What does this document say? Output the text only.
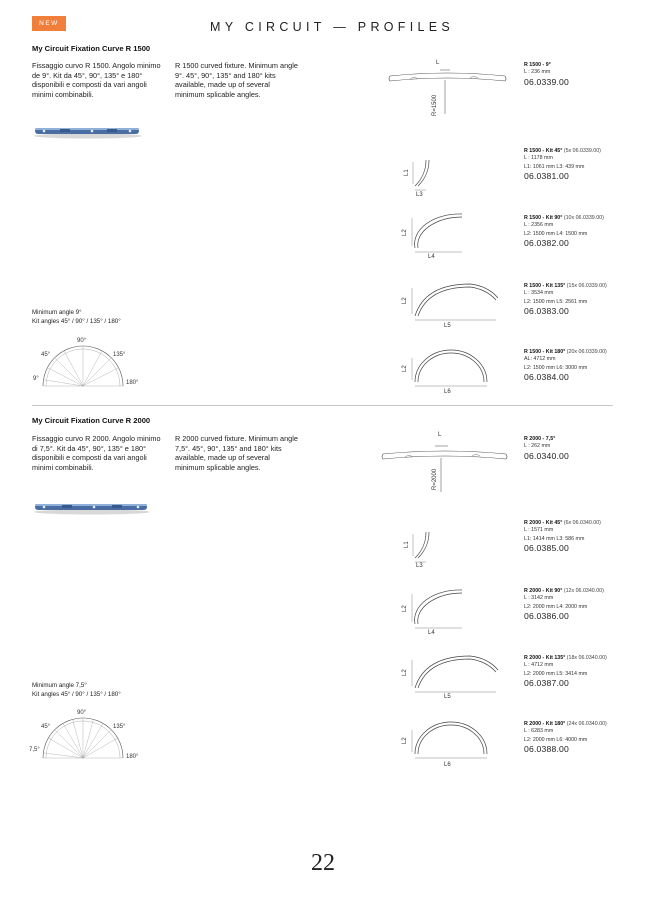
NEW	MY CIRCUIT — PROFILES
My Circuit Fixation Curve R 1500
Fissaggio curvo R 1500. Angolo minimo de 9°. Kit da 45°, 90°, 135° e 180° disponibili e composti da vari angoli minimi combinabili.
R 1500 curved fixture. Minimum angle 9°. 45°, 90°, 135° and 180° kits available, made up of several minimum splicable angles.
L
R=1500
L1
L3
L2
L4
L2
L5
L2
L6
R 1500 - 9°
L : 236 mm
06.0339.00
R 1500 - Kit 45° (5x 06.0339.00)
L : 1178 mm
L1: 1061 mm L3: 439 mm
06.0381.00
R 1500 - Kit 90° (10x 06.0339.00)
L : 2356 mm
L2: 1500 mm L4: 1500 mm
06.0382.00
R 1500 - Kit 135° (15x 06.0339.00)
L : 3534 mm
L2: 1500 mm L5: 2561 mm
06.0383.00
R 1500 - Kit 180° (20x 06.0339.00)
AL: 4712 mm
L2: 1500 mm L6: 3000 mm
06.0384.00
Minimum angle 9°
Kit angles 45° / 90° / 135° / 180°
90°
45°	135°
9°
180°
My Circuit Fixation Curve R 2000
Fissaggio curvo R 2000. Angolo minimo di 7,5°. Kit da 45°, 90°, 135° e 180° disponibili e composti da vari angoli minimi combinabili.
R 2000 curved fixture. Minimum angle 7,5°. 45°, 90°, 135° and 180° kits available, made up of several minimum splicable angles.
L
R=2000
L1
L3
L2
L4
L2
L5
L2
L6
R 2000 - 7,5°
L : 262 mm
06.0340.00
R 2000 - Kit 45° (6x 06.0340.00)
L : 1571 mm
L1: 1414 mm L3: 586 mm
06.0385.00
R 2000 - Kit 90° (12x 06.0340.00)
L : 3142 mm
L2: 2000 mm L4: 2000 mm
06.0386.00
R 2000 - Kit 135° (18x 06.0340.00)
L : 4712 mm
L2: 2000 mm L5: 3414 mm
06.0387.00
R 2000 - Kit 180° (24x 06.0340.00)
L : 6283 mm
L2: 2000 mm L6: 4000 mm
06.0388.00
Minimum angle 7,5°
Kit angles 45° / 90° / 135° / 180°
90°
45°	135°
7,5°
180°
22
